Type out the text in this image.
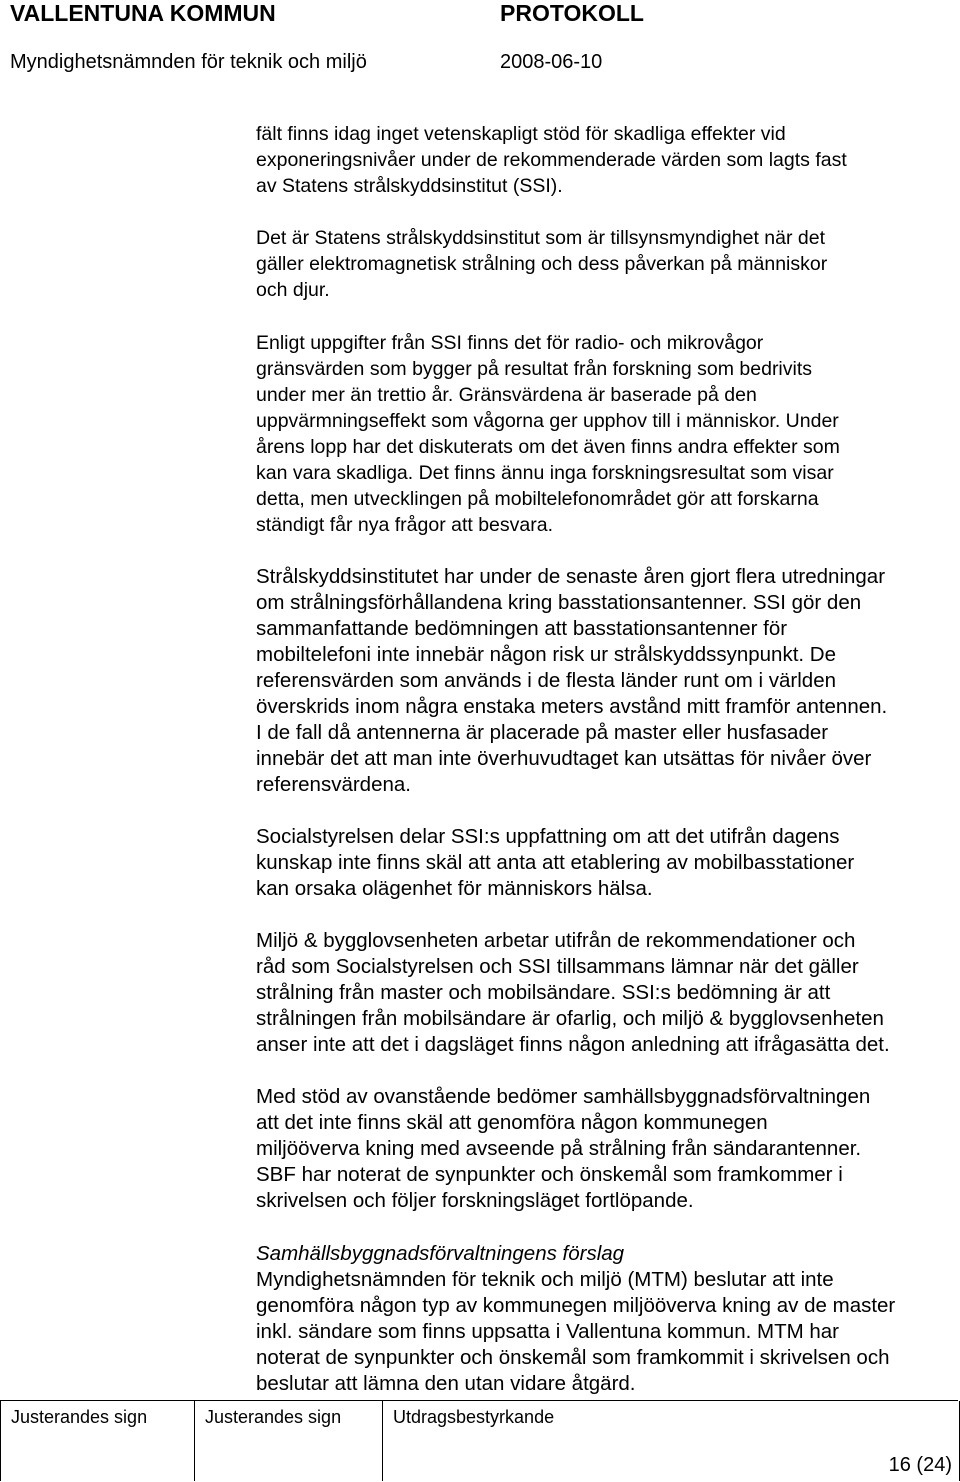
VALLENTUNA KOMMUN	PROTOKOLL
Myndighetsnämnden för teknik och miljö	2008-06-10
fält finns idag inget vetenskapligt stöd för skadliga effekter vid
exponeringsnivåer under de rekommenderade värden som lagts fast
av Statens strålskyddsinstitut (SSI).
Det är Statens strålskyddsinstitut som är tillsynsmyndighet när det
gäller elektromagnetisk strålning och dess påverkan på människor
och djur.
Enligt uppgifter från SSI finns det för radio- och mikrovågor
gränsvärden som bygger på resultat från forskning som bedrivits
under mer än trettio år. Gränsvärdena är baserade på den
uppvärmningseffekt som vågorna ger upphov till i människor. Under
årens lopp har det diskuterats om det även finns andra effekter som
kan vara skadliga. Det finns ännu inga forskningsresultat som visar
detta, men utvecklingen på mobiltelefonområdet gör att forskarna
ständigt får nya frågor att besvara.
Strålskyddsinstitutet har under de senaste åren gjort flera utredningar
om strålningsförhållandena kring basstationsantenner. SSI gör den
sammanfattande bedömningen att basstationsantenner för
mobiltelefoni inte innebär någon risk ur strålskyddssynpunkt. De
referensvärden som används i de flesta länder runt om i världen
överskrids inom några enstaka meters avstånd mitt framför antennen.
I de fall då antennerna är placerade på master eller husfasader
innebär det att man inte överhuvudtaget kan utsättas för nivåer över
referensvärdena.
Socialstyrelsen delar SSI:s uppfattning om att det utifrån dagens
kunskap inte finns skäl att anta att etablering av mobilbasstationer
kan orsaka olägenhet för människors hälsa.
Miljö & bygglovsenheten arbetar utifrån de rekommendationer och
råd som Socialstyrelsen och SSI tillsammans lämnar när det gäller
strålning från master och mobilsändare. SSI:s bedömning är att
strålningen från mobilsändare är ofarlig, och miljö & bygglovsenheten
anser inte att det i dagsläget finns någon anledning att ifrågasätta det.
Med stöd av ovanstående bedömer samhällsbyggnadsförvaltningen
att det inte finns skäl att genomföra någon kommunegen
miljööverva kning med avseende på strålning från sändarantenner.
SBF har noterat de synpunkter och önskemål som framkommer i
skrivelsen och följer forskningsläget fortlöpande.
Samhällsbyggnadsförvaltningens förslag
Myndighetsnämnden för teknik och miljö (MTM) beslutar att inte
genomföra någon typ av kommunegen miljööverva kning av de master
inkl. sändare som finns uppsatta i Vallentuna kommun. MTM har
noterat de synpunkter och önskemål som framkommit i skrivelsen och
beslutar att lämna den utan vidare åtgärd.
Justerandes sign	Justerandes sign	Utdragsbestyrkande
16 (24)
